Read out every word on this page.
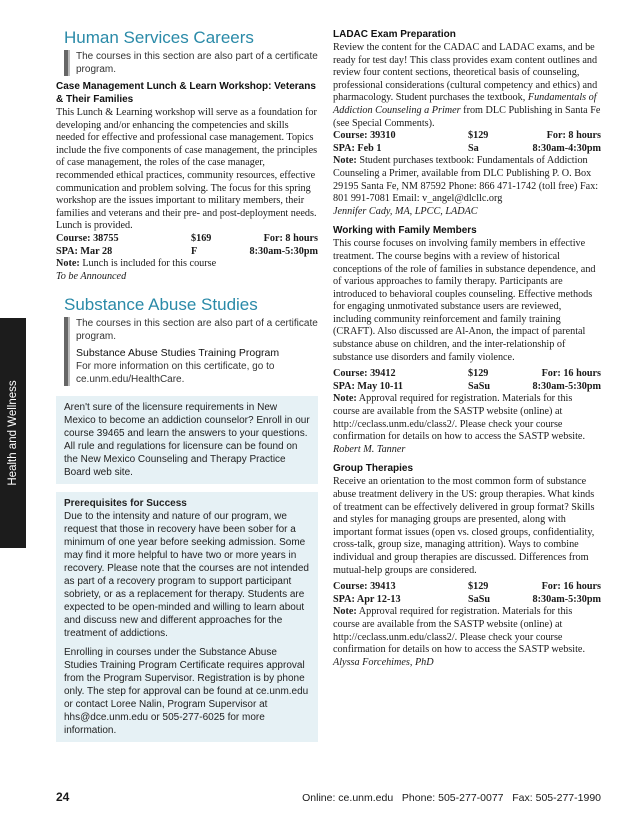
Health and Wellness
Human Services Careers
The courses in this section are also part of a certificate program.
Case Management Lunch & Learn Workshop: Veterans & Their Families

This Lunch & Learning workshop will serve as a foundation for developing and/or enhancing the competencies and skills needed for effective and professional case management. Topics include the five components of case management, the principles of case management, the roles of the case manager, recommended ethical practices, community resources, effective communication and problem solving. The focus for this spring workshop are the issues important to military members, their families and veterans and their pre- and post-deployment needs. Lunch is provided.

Course: 38755	$169	For: 8 hours
SPA: Mar 28	F	8:30am-5:30pm

Note: Lunch is included for this course

To be Announced

Substance Abuse Studies
The courses in this section are also part of a certificate program.
Substance Abuse Studies Training Program
For more information on this certificate, go to ce.unm.edu/HealthCare.

Aren't sure of the licensure requirements in New Mexico to become an addiction counselor? Enroll in our course 39465 and learn the answers to your questions. All rule and regulations for licensure can be found on the New Mexico Counseling and Therapy Practice Board web site.

Prerequisites for Success

Due to the intensity and nature of our program, we request that those in recovery have been sober for a minimum of one year before seeking admission. Some may find it more helpful to have two or more years in recovery. Please note that the courses are not intended as part of a recovery program to support participant sobriety, or as a replacement for therapy. Students are expected to be open-minded and willing to learn about and discuss new and different approaches for the treatment of addictions.

Enrolling in courses under the Substance Abuse Studies Training Program Certificate requires approval from the Program Supervisor. Registration is by phone only. The step for approval can be found at ce.unm.edu or contact Loree Nalin, Program Supervisor at hhs@dce.unm.edu or 505-277-6025 for more information.

LADAC Exam Preparation

Review the content for the CADAC and LADAC exams, and be ready for test day! This class provides exam content outlines and review four content sections, theoretical basis of counseling, professional considerations (cultural competency and ethics) and pharmacology. Student purchases the textbook, Fundamentals of Addiction Counseling a Primer from DLC Publishing in Santa Fe (see Special Comments).

Course: 39310	$129	For: 8 hours
SPA: Feb 1	Sa	8:30am-4:30pm

Note: Student purchases textbook: Fundamentals of Addiction Counseling a Primer, available from DLC Publishing P. O. Box 29195 Santa Fe, NM 87592 Phone: 866 471-1742 (toll free) Fax: 801 991-7081 Email: v_angel@dlcllc.org

Jennifer Cady, MA, LPCC, LADAC

Working with Family Members

This course focuses on involving family members in effective treatment. The course begins with a review of historical conceptions of the role of families in substance dependence, and of various approaches to family therapy. Participants are introduced to behavioral couples counseling. Effective methods for engaging unmotivated substance users are reviewed, including community reinforcement and family training (CRAFT). Also discussed are Al-Anon, the impact of parental substance abuse on children, and the inter-relationship of substance use disorders and family violence.

Course: 39412	$129	For: 16 hours
SPA: May 10-11	SaSu	8:30am-5:30pm

Note: Approval required for registration. Materials for this course are available from the SASTP website (online) at http://ceclass.unm.edu/class2/. Please check your course confirmation for details on how to access the SASTP website.

Robert M. Tanner

Group Therapies

Receive an orientation to the most common form of substance abuse treatment delivery in the US: group therapies. What kinds of treatment can be effectively delivered in group format? Skills and styles for managing groups are presented, along with important format issues (open vs. closed groups, confidentiality, cross-talk, group size, managing attrition). Ways to combine individual and group therapies are discussed. Differences from mutual-help groups are considered.

Course: 39413	$129	For: 16 hours
SPA: Apr 12-13	SaSu	8:30am-5:30pm

Note: Approval required for registration. Materials for this course are available from the SASTP website (online) at http://ceclass.unm.edu/class2/. Please check your course confirmation for details on how to access the SASTP website.

Alyssa Forcehimes, PhD

24	Online: ce.unm.edu   Phone: 505-277-0077   Fax: 505-277-1990
